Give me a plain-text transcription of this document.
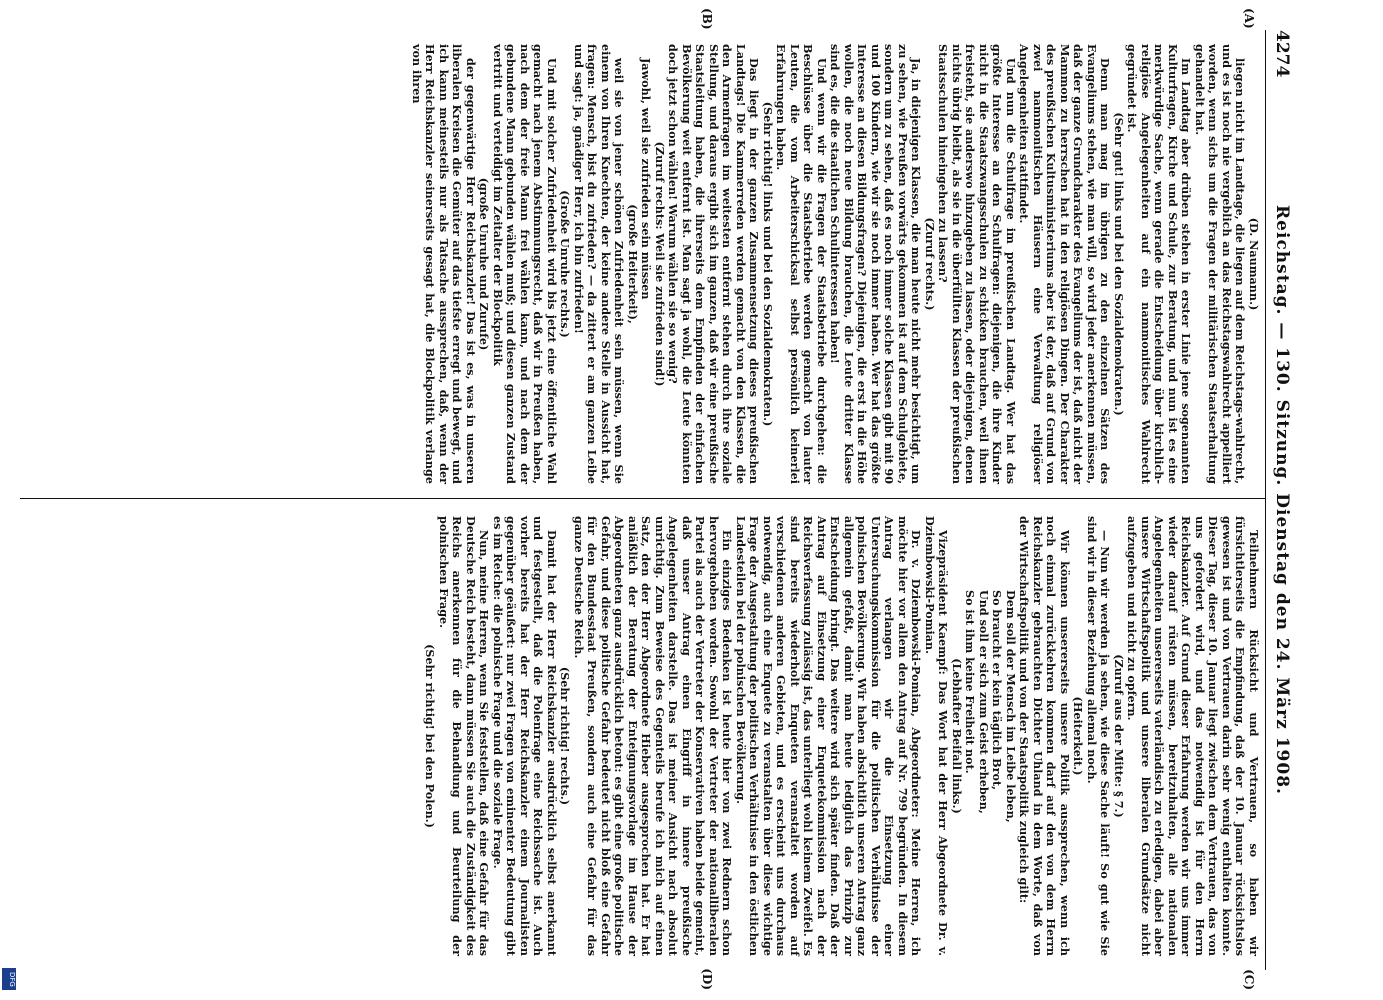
4274
Reichstag. — 130. Sitzung. Dienstag den 24. März 1908.
(A)
(B)
(C)
(D)

(D. Naumann.)

liegen nicht im Landtage, die liegen auf dem Reichstags-wahlrecht, und es ist noch nie vergeblich an das Reichstagswahlrecht appelliert worden, wenn sichs um die Fragen der militärischen Staatserhaltung gehandelt hat.

Im Landtag aber drüben stehen in erster Linie jene sogenannten Kulturfragen, Kirche und Schule, zur Beratung, und nun ist es eine merkwürdige Sache, wenn gerade die Entscheidung über kirchlich-religiöse Angelegenheiten auf ein nammonitisches Wahlrecht gegründet ist.

(Sehr gut! links und bei den Sozialdemokraten.)

Denn man mag im übrigen zu den einzelnen Sätzen des Evangeliums stehen, wie man will, so wird jeder anerkennen müssen, daß der ganze Grundcharakter des Evangeliums der ist, daß nicht der Mammon zu herrschen hat in den religiösen Dingen. Der Charakter des preußischen Kultusministeriums aber ist der, daß auf Grund von zwei nammonitischen Häusern eine Verwaltung religiöser Angelegenheiten stattfindet.

Und nun die Schulfrage im preußischen Landtag. Wer hat das größte Interesse an den Schulfragen: diejenigen, die ihre Kinder nicht in die Staatszwangsschulen zu schicken brauchen, weil ihnen freisteht, sie anderswo hinzugeben zu lassen, oder diejenigen, denen nichts übrig bleibt, als sie in die überfüllten Klassen der preußischen Staatsschulen hineingehen zu lassen?

(Zuruf rechts.)

Ja, in diejenigen Klassen, die man heute nicht mehr besichtigt, um zu sehen, wie Preußen vorwärts gekommen ist auf dem Schulgebiete, sondern um zu sehen, daß es noch immer solche Klassen gibt mit 90 und 100 Kindern, wie wir sie noch immer haben. Wer hat das größte Interesse an diesen Bildungsfragen? Diejenigen, die erst in die Höhe wollen, die noch neue Bildung brauchen, die Leute dritter Klasse sind es, die die staatlichen Schulinteressen haben!

Und wenn wir die Fragen der Staatsbetriebe durchgehen: die Beschlüsse über die Staatsbetriebe werden gemacht von lauter Leuten, die vom Arbeiterschicksal selbst persönlich keinerlei Erfahrungen haben.

(Sehr richtig! links und bei den Sozialdemokraten.)

Das liegt in der ganzen Zusammensetzung dieses preußischen Landtags! Die Kammerreden werden gemacht von den Klassen, die den Armenfragen im weitesten entfernt stehen durch ihre soziale Stellung, und daraus ergibt sich im ganzen, daß wir eine preußische Staatsleitung haben, die ihrerseits dem Empfinden der einfachen Bevölkerung weit entfernt ist. Man sagt ja wohl, die Leute könnten doch jetzt schon wählen! Warum wählen sie so wenig?

(Zuruf rechts: Weil sie zufrieden sind!)

Jawohl, weil sie zufrieden sein müssen

(große Heiterkeit),

weil sie von jener schönen Zufriedenheit sein müssen, wenn Sie einem von Ihren Knechten, der keine andere Stelle in Aussicht hat, fragen: Mensch, bist du zufrieden? — da zittert er am ganzen Leibe und sagt: ja, gnädiger Herr, ich bin zufrieden!

(Große Unruhe rechts.)

Und mit solcher Zufriedenheit wird bis jetzt eine öffentliche Wahl gemacht nach jenem Abstimmungsrecht, daß wir in Preußen haben, nach dem der freie Mann frei wählen kann, und nach dem der gebundene Mann gebunden wählen muß; und diesen ganzen Zustand vertritt und verteidigt im Zeitalter der Blockpolitik

(große Unruhe und Zurufe)

der gegenwärtige Herr Reichskanzler! Das ist es, was in unseren liberalen Kreisen die Gemüter auf das tiefste erregt und bewegt, und ich kann meinesteils nur als Tatsache aussprechen, daß, wenn der Herr Reichskanzler seinerseits gesagt hat, die Blockpolitik verlange von ihren

Teilnehmern Rücksicht und Vertrauen, so haben wir fürsichtlerseits die Empfindung, daß der 10. Januar rücksichtslos gewesen ist und von Vertrauen darin sehr wenig enthalten konnte. Dieser Tag, dieser 10. Januar liegt zwischen dem Vertrauen, das von uns gefordert wird, und das notwendig ist für den Herrn Reichskanzler. Auf Grund dieser Erfahrung werden wir uns immer wieder darauf rüsten müssen, bereitzuhalten, alle nationalen Angelegenheiten unsererseits vaterländisch zu erledigen, dabei aber unsere Wirtschaftspolitik und unsere liberalen Grundsätze nicht aufzugeben und nicht zu opfern.

(Zuruf aus der Mitte: § 7.)

— Nun wir werden ja sehen, wie diese Sache läuft! So gut wie Sie sind wir in dieser Beziehung allemal noch.

(Heiterkeit.)

Wir können unsererseits unsere Politik aussprechen, wenn ich noch einmal zurückkehren kommen darf auf den von dem Herrn Reichskanzler gebrauchten Dichter Uhland in dem Worte, daß von der Wirtschaftspolitik und von der Staatspolitik zugleich gilt:

Dem soll der Mensch im Leibe leben,

So braucht er kein täglich Brot,

Und soll er sich zum Geist erheben,

So ist ihm keine Freiheit not.

(Lebhafter Beifall links.)

Vizepräsident Kaempf: Das Wort hat der Herr Abgeordnete Dr. v. Dziembowski-Pomian.

Dr. v. Dziembowski-Pomian, Abgeordneter: Meine Herren, ich möchte hier vor allem den Antrag auf Nr. 799 begründen. In diesem Antrag verlangen wir die Einsetzung einer Untersuchungskommission für die politischen Verhältnisse der polnischen Bevölkerung. Wir haben absichtlich unseren Antrag ganz allgemein gefaßt, damit man heute lediglich das Prinzip zur Entscheidung bringt. Das weitere wird sich später finden. Daß der Antrag auf Einsetzung einer Enquetekommission nach der Reichsverfassung zulässig ist, das unterliegt wohl keinem Zweifel. Es sind bereits wiederholt Enqueten veranstaltet worden auf verschiedenen anderen Gebieten, und es erscheint uns durchaus notwendig, auch eine Enquete zu veranstalten über diese wichtige Frage der Ausgestaltung der politischen Verhältnisse in den östlichen Landesteilen bei der polnischen Bevölkerung.

Ein einziges Bedenken ist heute hier von zwei Rednern schon hervorgehoben worden. Sowohl der Vertreter der nationalliberalen Partei als auch der Vertreter der Konservativen haben beide gemeint, daß unser Antrag einen Eingriff in innere preußische Angelegenheiten darstelle. Das ist meiner Ansicht nach absolut unrichtig. Zum Beweise des Gegenteils berufe ich mich auf einen Satz, den der Herr Abgeordnete Hieber ausgesprochen hat. Er hat anläßlich der Beratung der Enteignungsvorlage im Hause der Abgeordneten ganz ausdrücklich betont: es gibt eine große politische Gefahr, und diese politische Gefahr bedeutet nicht bloß eine Gefahr für den Bundesstaat Preußen, sondern auch eine Gefahr für das ganze Deutsche Reich.

(Sehr richtig! rechts.)

Damit hat der Herr Reichskanzler ausdrücklich selbst anerkannt und festgestellt, daß die Polenfrage eine Reichssache ist. Auch vorher bereits hat der Herr Reichskanzler einem Journalisten gegenüber geäußert: nur zwei Fragen von eminenter Bedeutung gibt es im Reiche: die polnische Frage und die soziale Frage.

Nun, meine Herren, wenn Sie feststellen, daß eine Gefahr für das Deutsche Reich besteht, dann müssen Sie auch die Zuständigkeit des Reichs anerkennen für die Behandlung und Beurteilung der polnischen Frage.

(Sehr richtig! bei den Polen.)

DFG
